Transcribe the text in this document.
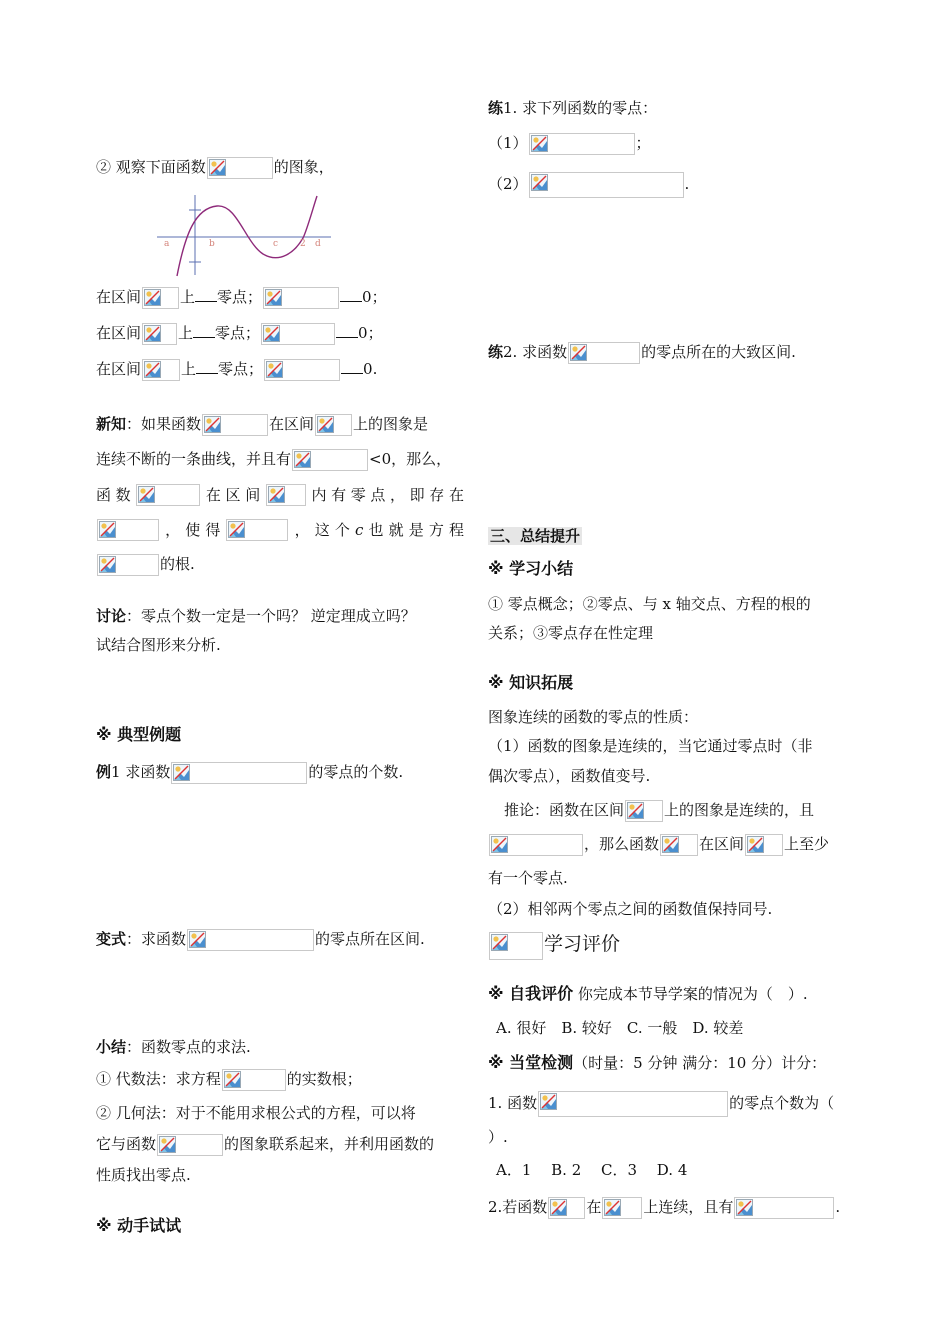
② 观察下面函数	的图象，
a	b	c 2 d
在区间	上 零点；	0；
在区间 上 零点；	0；
在区间	上 零点；	0.
新知：如果函数	在区间	上的图象是
连续不断的一条曲线，并且有	<0，那么，
函 数	在 区 间	内 有 零 点 ， 即 存 在
， 使 得	， 这 个 c 也 就 是 方 程
的根.
讨论：零点个数一定是一个吗？ 逆定理成立吗？
试结合图形来分析.
※ 典型例题
例1 求函数	的零点的个数.
变式：求函数	的零点所在区间.
小结：函数零点的求法.
① 代数法：求方程	的实数根；
② 几何法：对于不能用求根公式的方程，可以将
它与函数	的图象联系起来，并利用函数的
性质找出零点.
※ 动手试试
练1. 求下列函数的零点：
（1）	；
（2）	.
练2. 求函数	的零点所在的大致区间.
三、总结提升
※ 学习小结
① 零点概念；②零点、与 x 轴交点、方程的根的
关系；③零点存在性定理
※ 知识拓展
图象连续的函数的零点的性质：
（1）函数的图象是连续的，当它通过零点时（非
偶次零点），函数值变号.
推论：函数在区间	上的图象是连续的，且
，那么函数	在区间	上至少
有一个零点.
（2）相邻两个零点之间的函数值保持同号.
学习评价
※ 自我评价 你完成本节导学案的情况为（　）.
A. 很好　B. 较好　C. 一般　D. 较差
※ 当堂检测（时量：5 分钟 满分：10 分）计分：
1. 函数	的零点个数为（
）.
A．1　 B. 2　 C．3　 D. 4
2.若函数	在	上连续，且有	.
